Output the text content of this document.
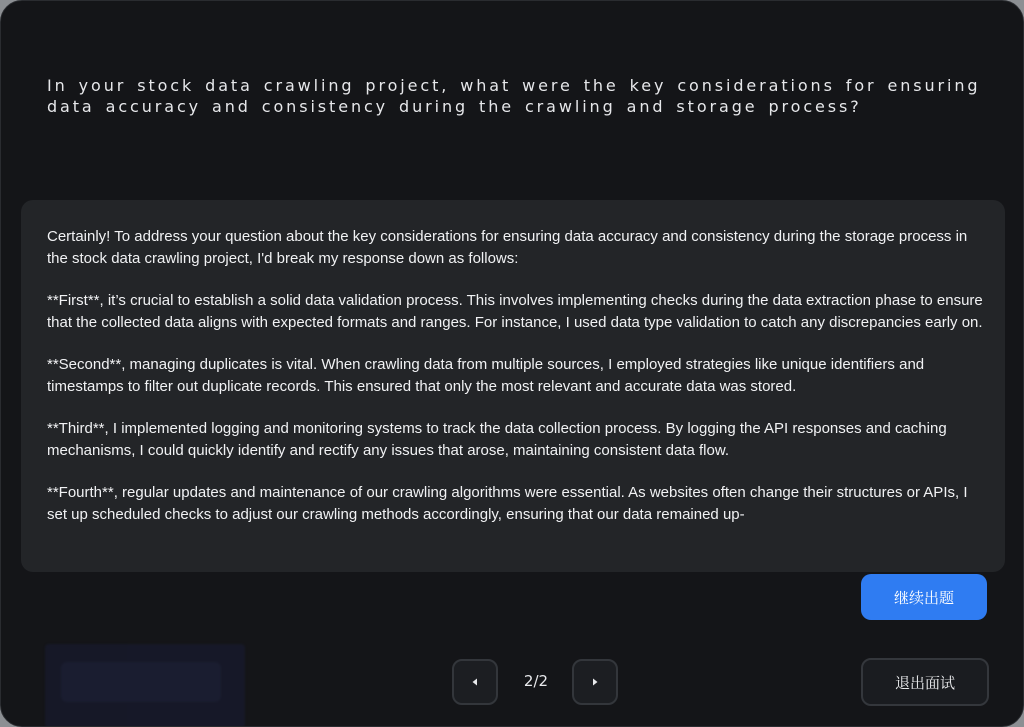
In your stock data crawling project, what were the key considerations for ensuring data accuracy and consistency during the crawling and storage process?

Certainly! To address your question about the key considerations for ensuring data accuracy and consistency during the storage process in the stock data crawling project, I'd break my response down as follows:

**First**, it’s crucial to establish a solid data validation process. This involves implementing checks during the data extraction phase to ensure that the collected data aligns with expected formats and ranges. For instance, I used data type validation to catch any discrepancies early on.

**Second**, managing duplicates is vital. When crawling data from multiple sources, I employed strategies like unique identifiers and timestamps to filter out duplicate records. This ensured that only the most relevant and accurate data was stored.

**Third**, I implemented logging and monitoring systems to track the data collection process. By logging the API responses and caching mechanisms, I could quickly identify and rectify any issues that arose, maintaining consistent data flow.

**Fourth**, regular updates and maintenance of our crawling algorithms were essential. As websites often change their structures or APIs, I set up scheduled checks to adjust our crawling methods accordingly, ensuring that our data remained up-

继续出题
2/2	退出面试
